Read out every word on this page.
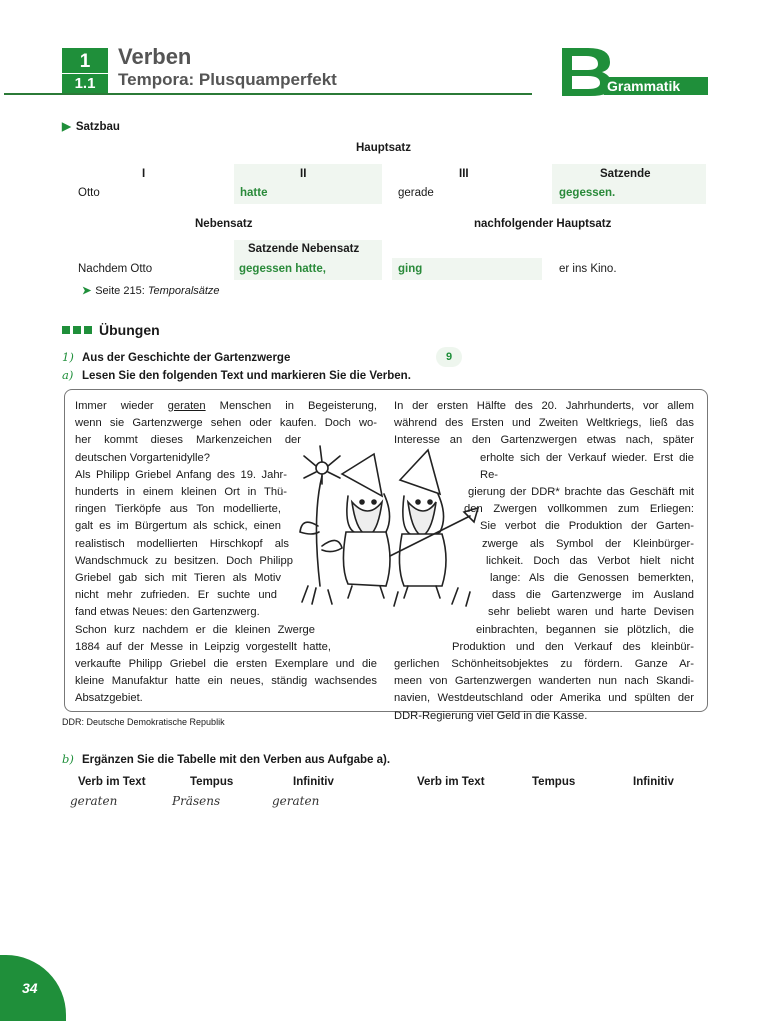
1
1.1
Verben
Tempora: Plusquamperfekt	Grammatik
▶ Satzbau
Hauptsatz
I	II	III	Satzende
Otto	hatte	gerade	gegessen.
Nebensatz	nachfolgender Hauptsatz
Satzende Nebensatz
Nachdem Otto	gegessen hatte,	ging	er ins Kino.
➤ Seite 215: Temporalsätze
Übungen
1) Aus der Geschichte der Gartenzwerge	9
a) Lesen Sie den folgenden Text und markieren Sie die Verben.
Immer wieder geraten Menschen in Begeisterung,
wenn sie Gartenzwerge sehen oder kaufen. Doch wo-
her kommt dieses Markenzeichen der
deutschen Vorgartenidylle?
Als Philipp Griebel Anfang des 19. Jahr-
hunderts in einem kleinen Ort in Thü-
ringen Tierköpfe aus Ton modellierte,
galt es im Bürgertum als schick, einen
realistisch modellierten Hirschkopf als
Wandschmuck zu besitzen. Doch Philipp
Griebel gab sich mit Tieren als Motiv
nicht mehr zufrieden. Er suchte und
fand etwas Neues: den Gartenzwerg.
Schon kurz nachdem er die kleinen Zwerge
1884 auf der Messe in Leipzig vorgestellt hatte,
verkaufte Philipp Griebel die ersten Exemplare und die
kleine Manufaktur hatte ein neues, ständig wachsendes
Absatzgebiet.
In der ersten Hälfte des 20. Jahrhunderts, vor allem
während des Ersten und Zweiten Weltkriegs, ließ das
Interesse an den Gartenzwergen etwas nach, später
erholte sich der Verkauf wieder. Erst die Re-
gierung der DDR* brachte das Geschäft mit
den Zwergen vollkommen zum Erliegen:
Sie verbot die Produktion der Garten-
zwerge als Symbol der Kleinbürger-
lichkeit. Doch das Verbot hielt nicht
lange: Als die Genossen bemerkten,
dass die Gartenzwerge im Ausland
sehr beliebt waren und harte Devisen
einbrachten, begannen sie plötzlich, die
Produktion und den Verkauf des kleinbür-
gerlichen Schönheitsobjektes zu fördern. Ganze Ar-
meen von Gartenzwergen wanderten nun nach Skandi-
navien, Westdeutschland oder Amerika und spülten der
DDR-Regierung viel Geld in die Kasse.
DDR: Deutsche Demokratische Republik
b) Ergänzen Sie die Tabelle mit den Verben aus Aufgabe a).
Verb im Text	Tempus	Infinitiv	Verb im Text	Tempus	Infinitiv
geraten	Präsens	geraten
34
